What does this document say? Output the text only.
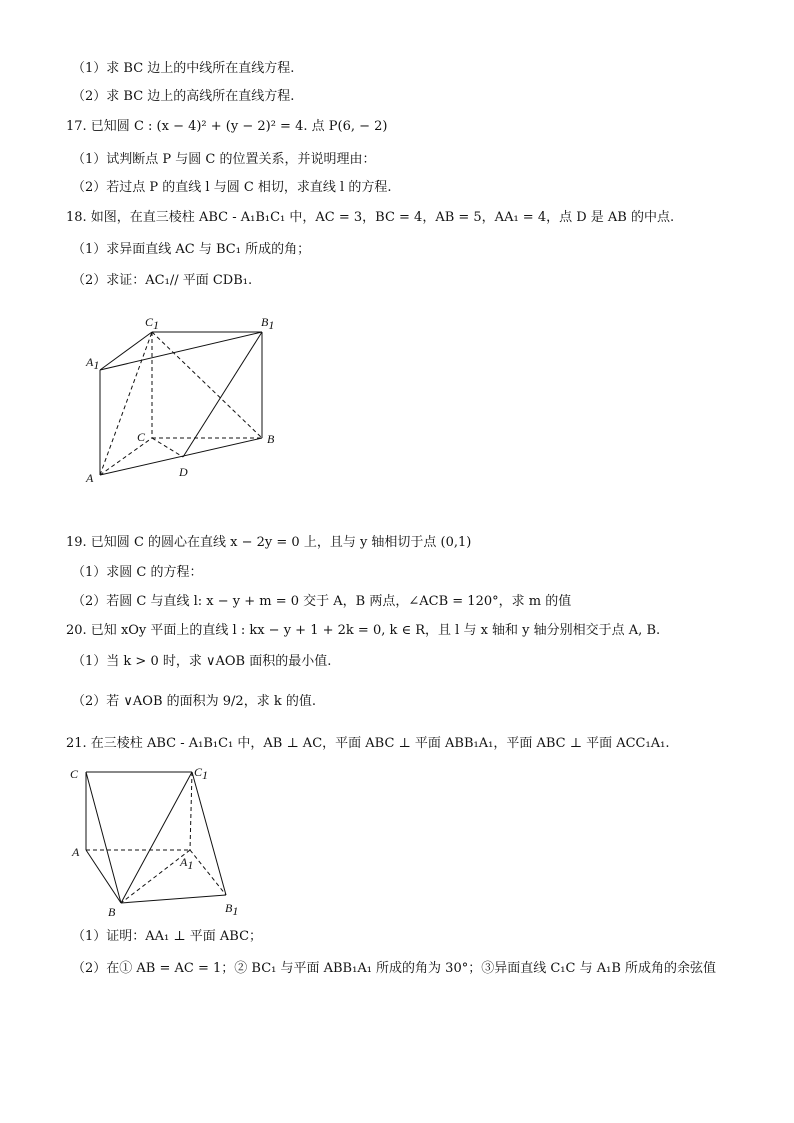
（1）求 BC 边上的中线所在直线方程.
（2）求 BC 边上的高线所在直线方程.
17. 已知圆 C : (x − 4)² + (y − 2)² = 4. 点 P(6, − 2)
（1）试判断点 P 与圆 C 的位置关系，并说明理由：
（2）若过点 P 的直线 l 与圆 C 相切，求直线 l 的方程.
18. 如图，在直三棱柱 ABC - A₁B₁C₁ 中，AC = 3，BC = 4，AB = 5，AA₁ = 4，点 D 是 AB 的中点.
（1）求异面直线 AC 与 BC₁ 所成的角；
（2）求证：AC₁// 平面 CDB₁.
C1	B1
A1
C	B
A	D
19. 已知圆 C 的圆心在直线 x − 2y = 0 上，且与 y 轴相切于点 (0,1)
（1）求圆 C 的方程：
（2）若圆 C 与直线 l: x − y + m = 0 交于 A，B 两点，∠ACB = 120°，求 m 的值
20. 已知 xOy 平面上的直线 l : kx − y + 1 + 2k = 0, k ∈ R，且 l 与 x 轴和 y 轴分别相交于点 A, B.
（1）当 k > 0 时，求 ∨AOB 面积的最小值.
（2）若 ∨AOB 的面积为 9/2，求 k 的值.
21. 在三棱柱 ABC - A₁B₁C₁ 中，AB ⊥ AC，平面 ABC ⊥ 平面 ABB₁A₁，平面 ABC ⊥ 平面 ACC₁A₁.
C	C1
A
A1
B	B1
（1）证明：AA₁ ⊥ 平面 ABC；
（2）在① AB = AC = 1；② BC₁ 与平面 ABB₁A₁ 所成的角为 30°；③异面直线 C₁C 与 A₁B 所成角的余弦值
